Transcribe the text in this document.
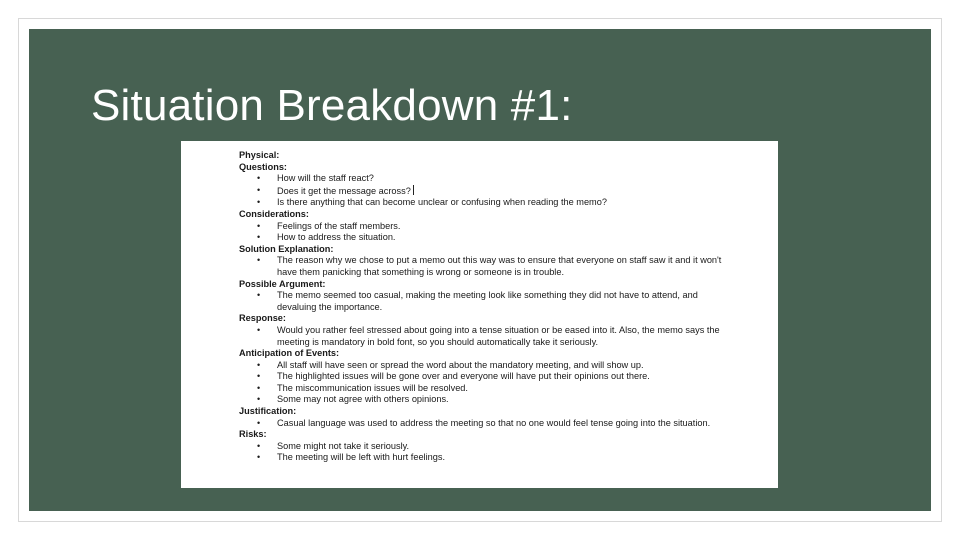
Situation Breakdown #1:
Physical:
Questions:
• How will the staff react?
• Does it get the message across?
• Is there anything that can become unclear or confusing when reading the memo?
Considerations:
• Feelings of the staff members.
• How to address the situation.
Solution Explanation:
• The reason why we chose to put a memo out this way was to ensure that everyone on staff saw it and it won't have them panicking that something is wrong or someone is in trouble.
Possible Argument:
• The memo seemed too casual, making the meeting look like something they did not have to attend, and devaluing the importance.
Response:
• Would you rather feel stressed about going into a tense situation or be eased into it. Also, the memo says the meeting is mandatory in bold font, so you should automatically take it seriously.
Anticipation of Events:
• All staff will have seen or spread the word about the mandatory meeting, and will show up.
• The highlighted issues will be gone over and everyone will have put their opinions out there.
• The miscommunication issues will be resolved.
• Some may not agree with others opinions.
Justification:
• Casual language was used to address the meeting so that no one would feel tense going into the situation.
Risks:
• Some might not take it seriously.
• The meeting will be left with hurt feelings.
